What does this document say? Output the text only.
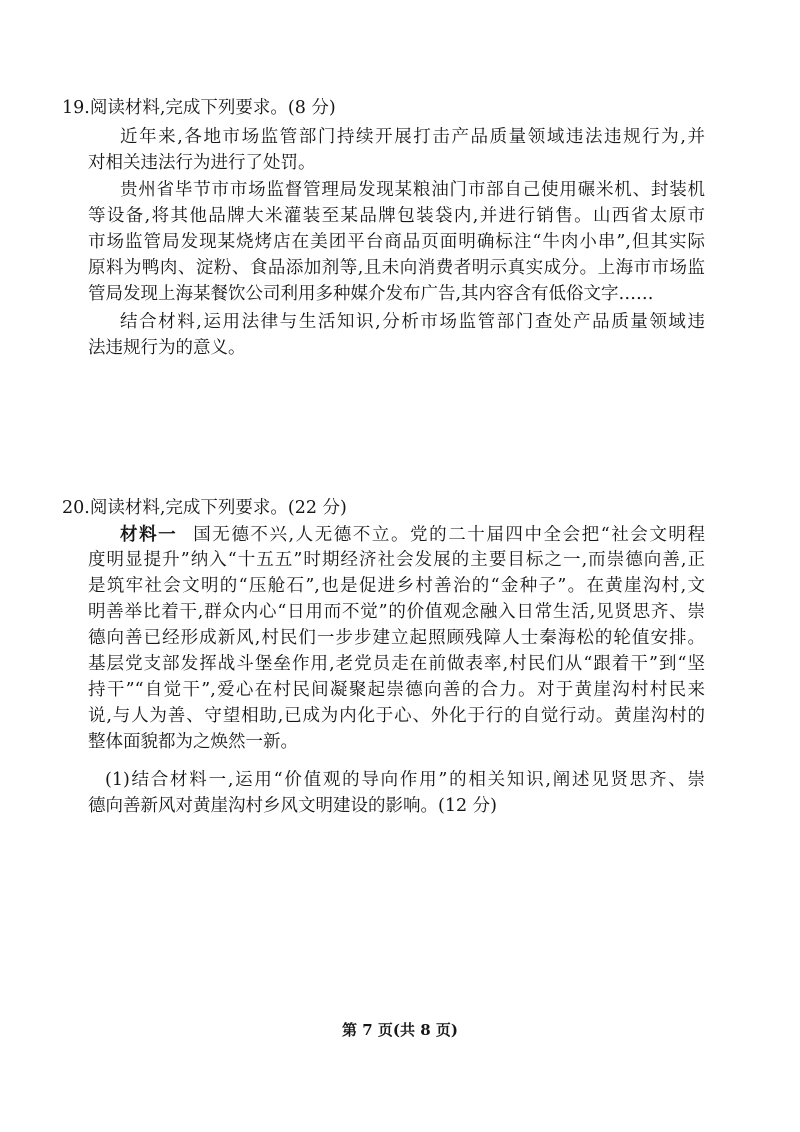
19.阅读材料,完成下列要求。(8 分)
近年来,各地市场监管部门持续开展打击产品质量领域违法违规行为,并
对相关违法行为进行了处罚。
贵州省毕节市市场监督管理局发现某粮油门市部自己使用碾米机、封装机
等设备,将其他品牌大米灌装至某品牌包装袋内,并进行销售。山西省太原市
市场监管局发现某烧烤店在美团平台商品页面明确标注“牛肉小串”,但其实际
原料为鸭肉、淀粉、食品添加剂等,且未向消费者明示真实成分。上海市市场监
管局发现上海某餐饮公司利用多种媒介发布广告,其内容含有低俗文字……
结合材料,运用法律与生活知识,分析市场监管部门查处产品质量领域违
法违规行为的意义。
20.阅读材料,完成下列要求。(22 分)
材料一 国无德不兴,人无德不立。党的二十届四中全会把“社会文明程
度明显提升”纳入“十五五”时期经济社会发展的主要目标之一,而崇德向善,正
是筑牢社会文明的“压舱石”,也是促进乡村善治的“金种子”。在黄崖沟村,文
明善举比着干,群众内心“日用而不觉”的价值观念融入日常生活,见贤思齐、崇
德向善已经形成新风,村民们一步步建立起照顾残障人士秦海松的轮值安排。
基层党支部发挥战斗堡垒作用,老党员走在前做表率,村民们从“跟着干”到“坚
持干”“自觉干”,爱心在村民间凝聚起崇德向善的合力。对于黄崖沟村村民来
说,与人为善、守望相助,已成为内化于心、外化于行的自觉行动。黄崖沟村的
整体面貌都为之焕然一新。
(1)结合材料一,运用“价值观的导向作用”的相关知识,阐述见贤思齐、崇
德向善新风对黄崖沟村乡风文明建设的影响。(12 分)
第 7 页(共 8 页)
